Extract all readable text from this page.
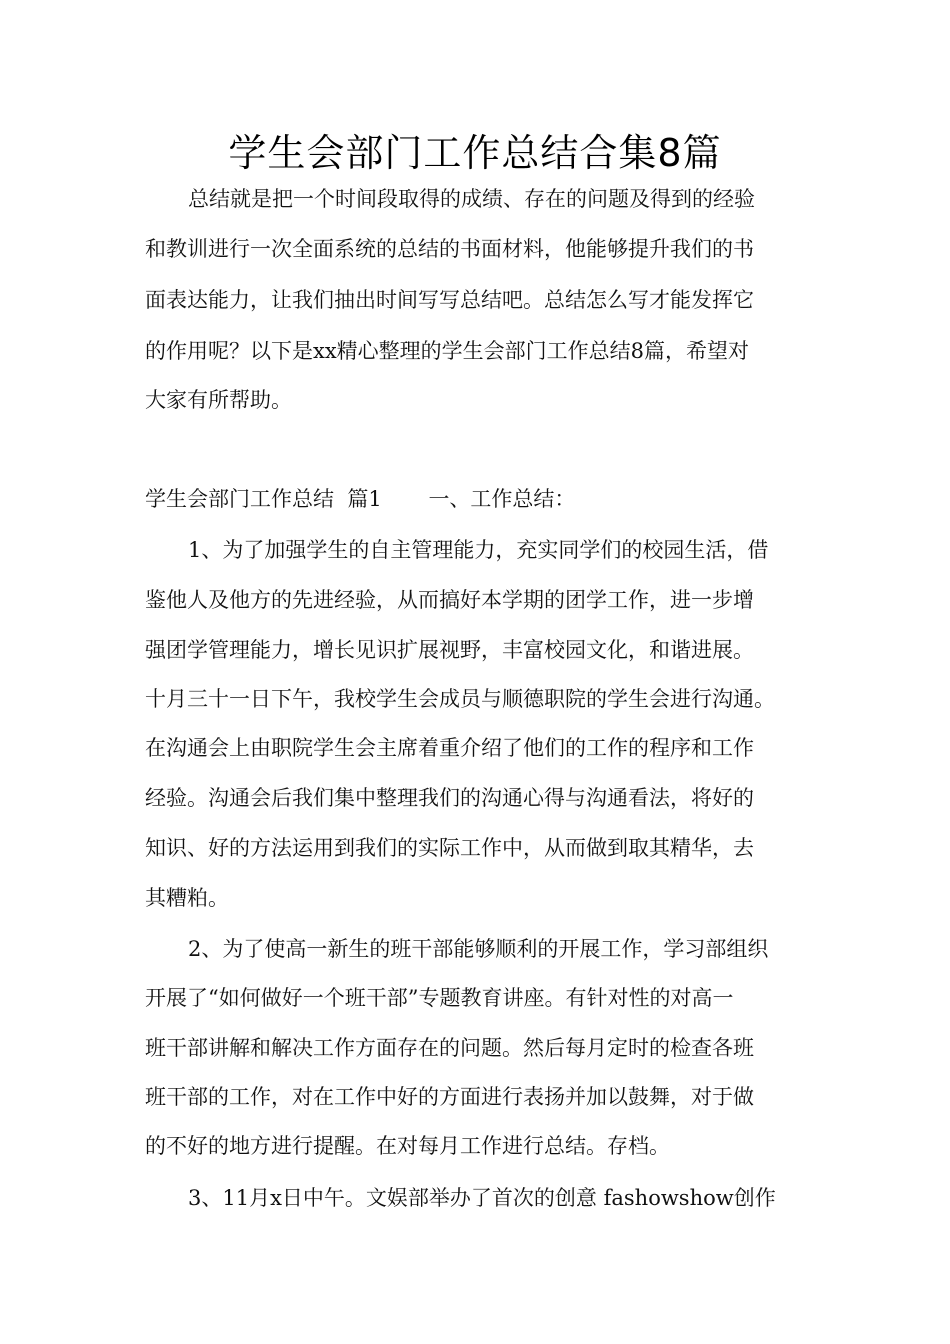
学生会部门工作总结合集8篇
总结就是把一个时间段取得的成绩、存在的问题及得到的经验
和教训进行一次全面系统的总结的书面材料，他能够提升我们的书
面表达能力，让我们抽出时间写写总结吧。总结怎么写才能发挥它
的作用呢？以下是xx精心整理的学生会部门工作总结8篇，希望对
大家有所帮助。
学生会部门工作总结  篇1       一、工作总结：
1、为了加强学生的自主管理能力，充实同学们的校园生活，借
鉴他人及他方的先进经验，从而搞好本学期的团学工作，进一步增
强团学管理能力，增长见识扩展视野，丰富校园文化，和谐进展。
十月三十一日下午，我校学生会成员与顺德职院的学生会进行沟通。
在沟通会上由职院学生会主席着重介绍了他们的工作的程序和工作
经验。沟通会后我们集中整理我们的沟通心得与沟通看法，将好的
知识、好的方法运用到我们的实际工作中，从而做到取其精华，去
其糟粕。
2、为了使高一新生的班干部能够顺利的开展工作，学习部组织
开展了“如何做好一个班干部”专题教育讲座。有针对性的对高一
班干部讲解和解决工作方面存在的问题。然后每月定时的检查各班
班干部的工作，对在工作中好的方面进行表扬并加以鼓舞，对于做
的不好的地方进行提醒。在对每月工作进行总结。存档。
3、11月x日中午。文娱部举办了首次的创意 fashowshow创作
